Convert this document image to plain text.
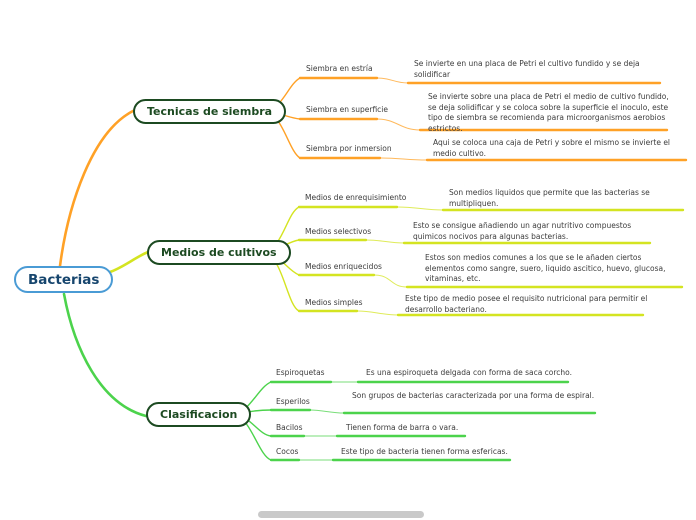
Bacterias
Tecnicas de siembra
Medios de cultivos
Clasificacion
Siembra en estría
Se invierte en una placa de Petri el cultivo fundido y se deja solidificar
Siembra en superficie
Se invierte sobre una placa de Petri el medio de cultivo fundido, se deja solidificar y se coloca sobre la superficie el inoculo, este tipo de siembra se recomienda para microorganismos aerobios estrictos.
Siembra por inmersion
Aqui se coloca una caja de Petri y sobre el mismo se invierte el medio cultivo.
Medios de enrequisimiento
Son medios liquidos que permite que las bacterias se multipliquen.
Medios selectivos
Esto se consigue añadiendo un agar nutritivo compuestos quimicos nocivos para algunas bacterias.
Medios enriquecidos
Estos son medios comunes a los que se le añaden ciertos elementos como sangre, suero, liquido ascitico, huevo, glucosa, vitaminas, etc.
Medios simples	Este tipo de medio posee el requisito nutricional para permitir el desarrollo bacteriano.
Espiroquetas	Es una espiroqueta delgada con forma de saca corcho.
Esperilos
Son grupos de bacterias caracterizada por una forma de espiral.
Bacilos	Tienen forma de barra o vara.
Cocos	Este tipo de bacteria tienen forma esfericas.
